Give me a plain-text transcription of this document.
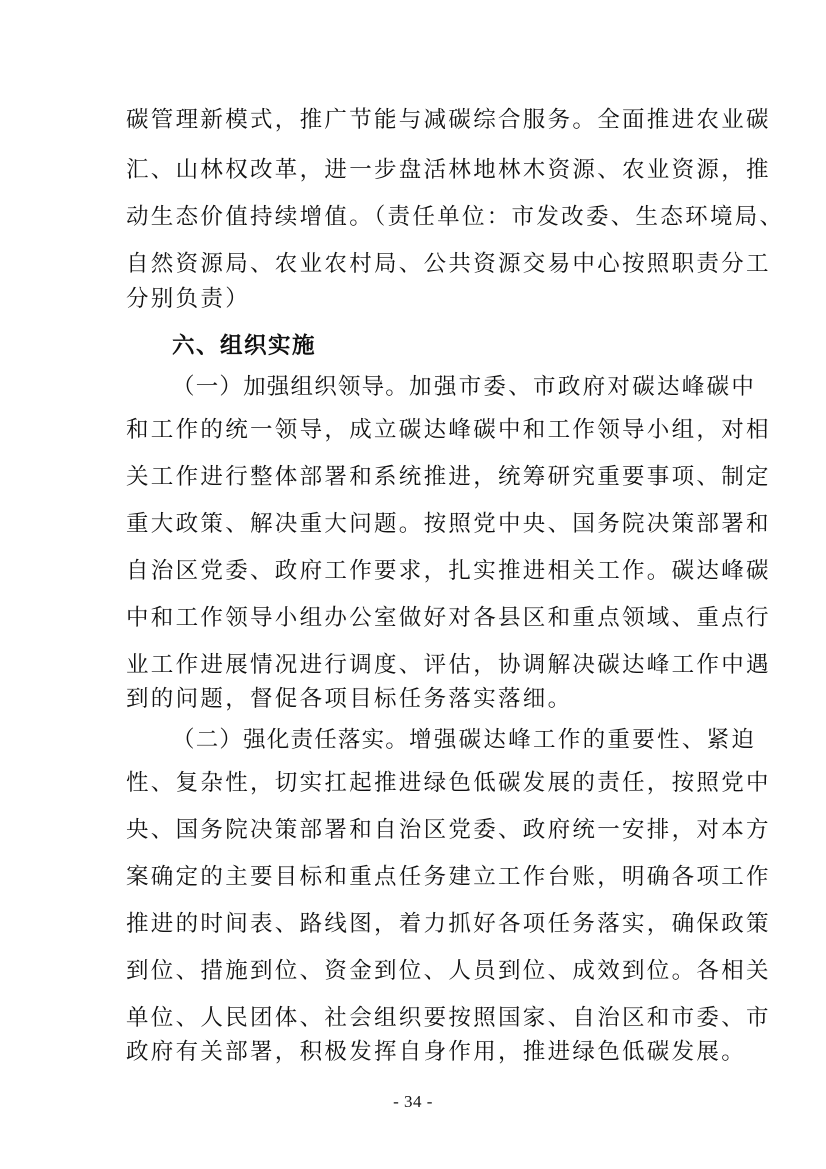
碳管理新模式，推广节能与减碳综合服务。全面推进农业碳
汇、山林权改革，进一步盘活林地林木资源、农业资源，推
动生态价值持续增值。（责任单位：市发改委、生态环境局、
自然资源局、农业农村局、公共资源交易中心按照职责分工
分别负责）
六、组织实施
（一）加强组织领导。加强市委、市政府对碳达峰碳中
和工作的统一领导，成立碳达峰碳中和工作领导小组，对相
关工作进行整体部署和系统推进，统筹研究重要事项、制定
重大政策、解决重大问题。按照党中央、国务院决策部署和
自治区党委、政府工作要求，扎实推进相关工作。碳达峰碳
中和工作领导小组办公室做好对各县区和重点领域、重点行
业工作进展情况进行调度、评估，协调解决碳达峰工作中遇
到的问题，督促各项目标任务落实落细。
（二）强化责任落实。增强碳达峰工作的重要性、紧迫
性、复杂性，切实扛起推进绿色低碳发展的责任，按照党中
央、国务院决策部署和自治区党委、政府统一安排，对本方
案确定的主要目标和重点任务建立工作台账，明确各项工作
推进的时间表、路线图，着力抓好各项任务落实，确保政策
到位、措施到位、资金到位、人员到位、成效到位。各相关
单位、人民团体、社会组织要按照国家、自治区和市委、市
政府有关部署，积极发挥自身作用，推进绿色低碳发展。
- 34 -
